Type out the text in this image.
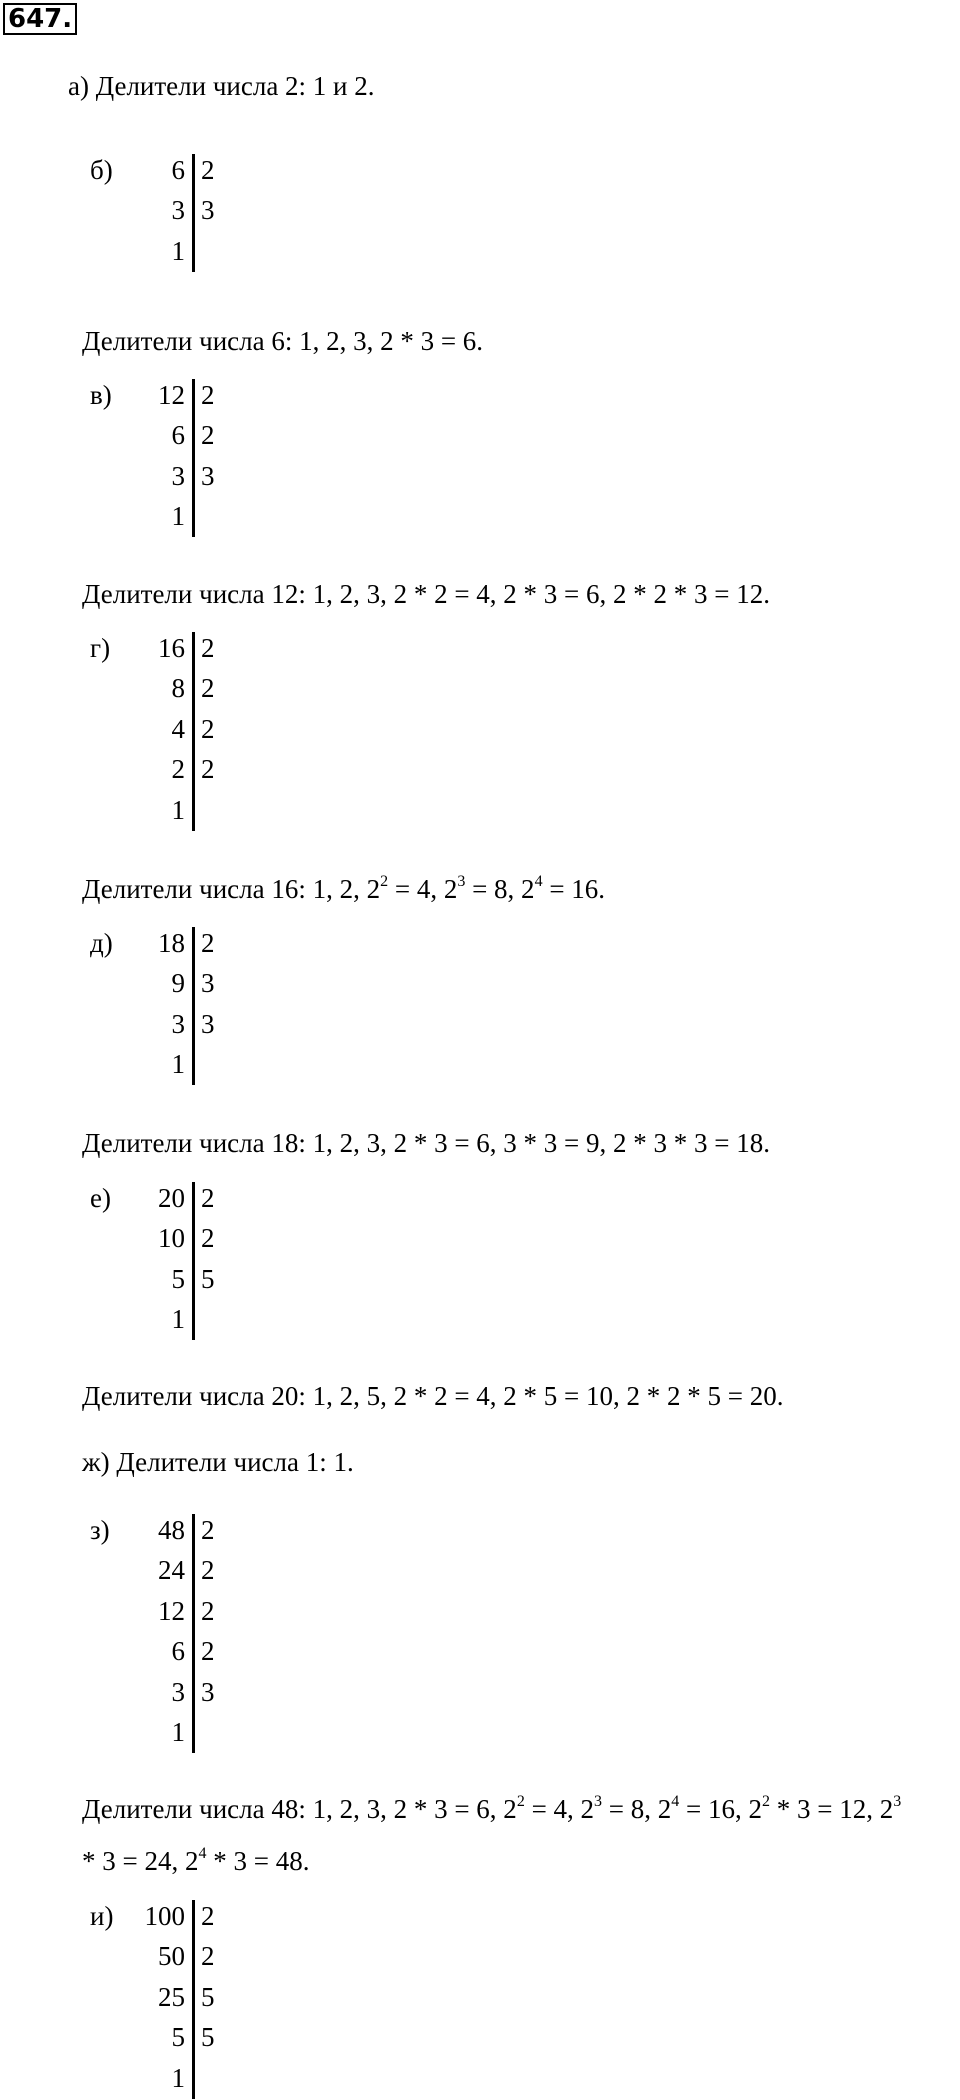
647.
а) Делители числа 2: 1 и 2.
б)	6 2
3 3
1
Делители числа 6: 1, 2, 3, 2 * 3 = 6.
в)	12 2
6 2
3 3
1
Делители числа 12: 1, 2, 3, 2 * 2 = 4, 2 * 3 = 6, 2 * 2 * 3 = 12.
г)	16 2
8 2
4 2
2 2
1
Делители числа 16: 1, 2, $2^2 = 4$, $2^3 = 8$, $2^4 = 16$.
д)	18 2
9 3
3 3
1
Делители числа 18: 1, 2, 3, 2 * 3 = 6, 3 * 3 = 9, 2 * 3 * 3 = 18.
е)	20 2
10 2
5 5
1
Делители числа 20: 1, 2, 5, 2 * 2 = 4, 2 * 5 = 10, 2 * 2 * 5 = 20.
ж) Делители числа 1: 1.
з)	48 2
24 2
12 2
6 2
3 3
1
Делители числа 48: 1, 2, 3, 2 * 3 = 6, $2^2 = 4$, $2^3 = 8$, $2^4 = 16$, $2^2 * 3 = 12$, $2^3$
* 3 = 24, $2^4 * 3 = 48$.
и)	100 2
50 2
25 5
5 5
1
